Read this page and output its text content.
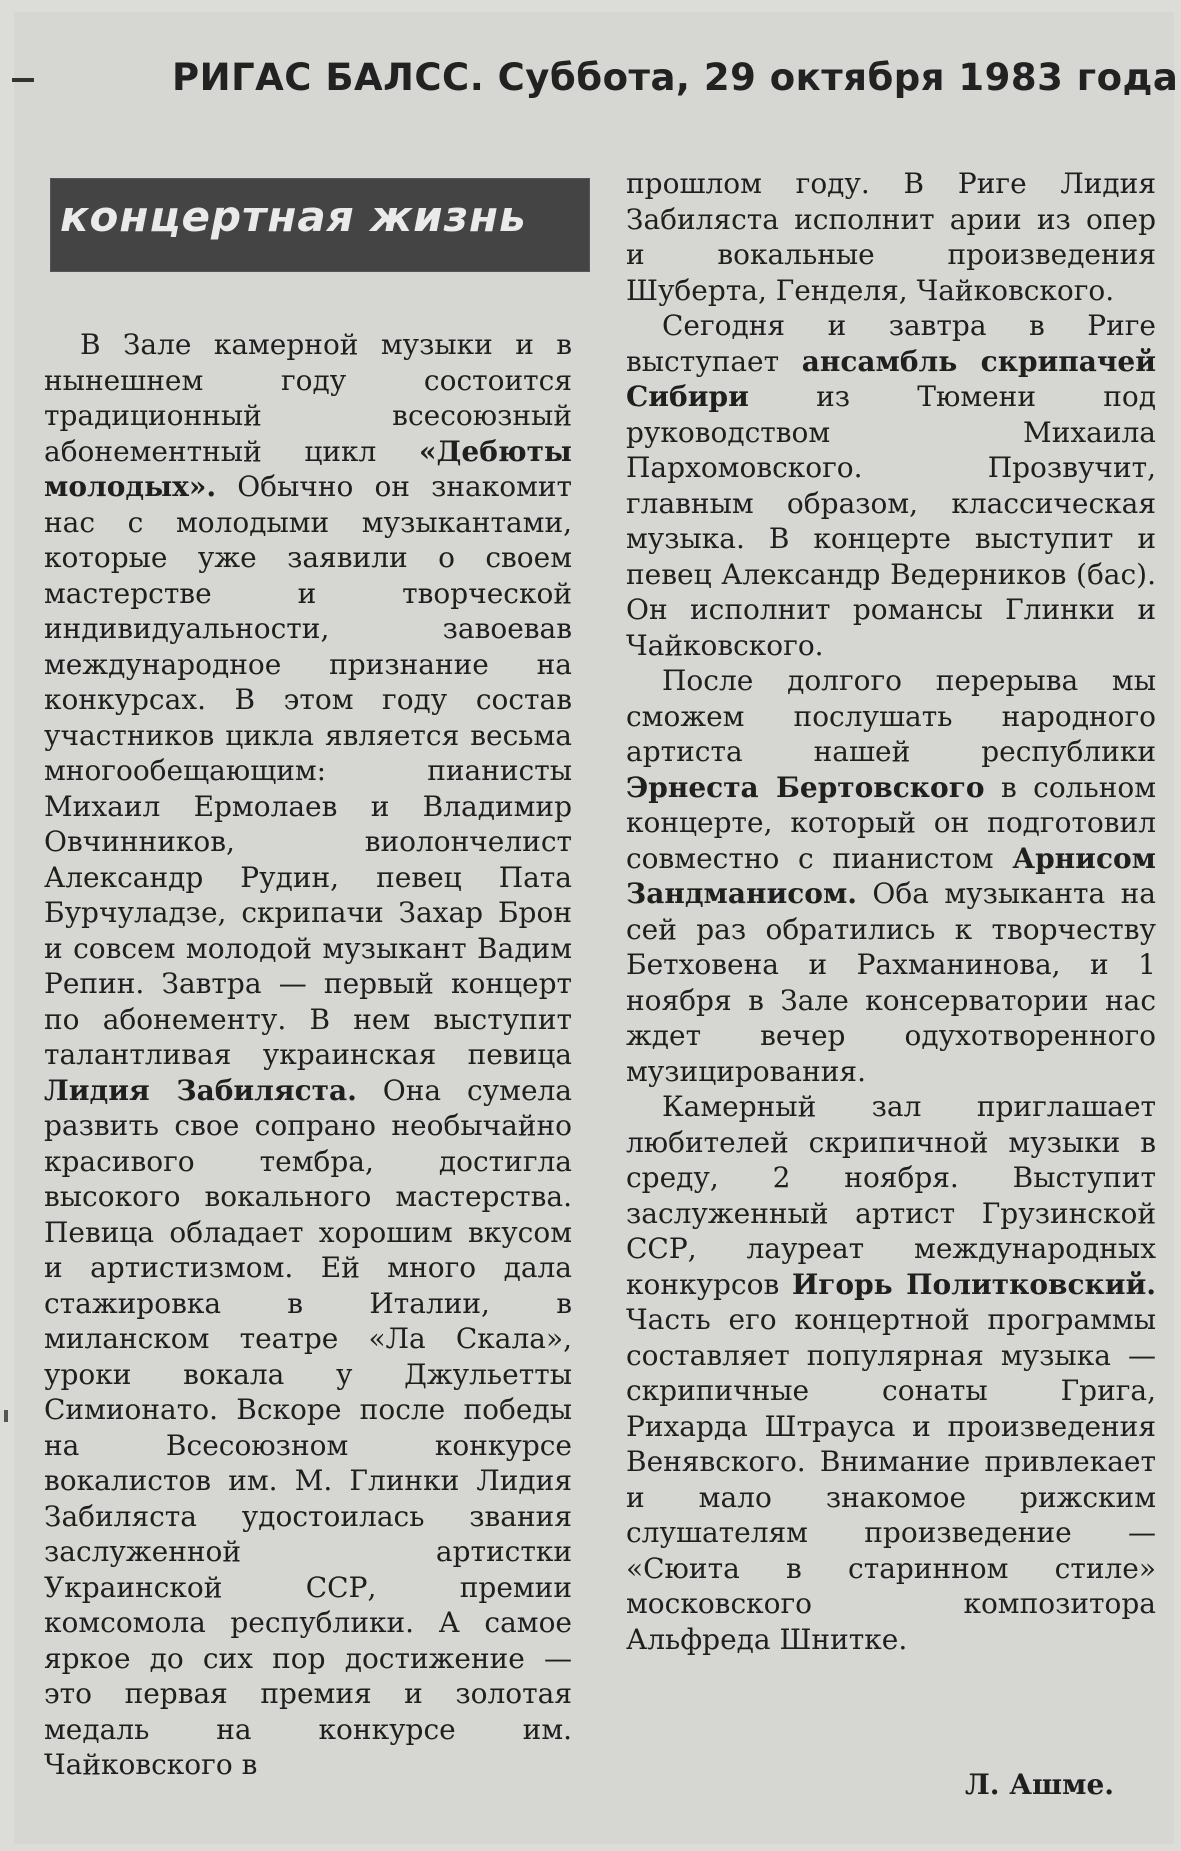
РИГАС БАЛСС. Суббота, 29 октября 1983 года
концертная жизнь

В Зале камерной музыки и в нынешнем году состоится традиционный всесоюзный абонементный цикл «Дебюты молодых». Обычно он знакомит нас с молодыми музыкантами, которые уже заявили о своем мастерстве и творческой индивидуальности, завоевав международное признание на конкурсах. В этом году состав участников цикла является весьма многообещающим: пианисты Михаил Ермолаев и Владимир Овчинников, виолончелист Александр Рудин, певец Пата Бурчуладзе, скрипачи Захар Брон и совсем молодой музыкант Вадим Репин. Завтра — первый концерт по абонементу. В нем выступит талантливая украинская певица Лидия Забиляста. Она сумела развить свое сопрано необычайно красивого тембра, достигла высокого вокального мастерства. Певица обладает хорошим вкусом и артистизмом. Ей много дала стажировка в Италии, в миланском театре «Ла Скала», уроки вокала у Джульетты Симионато. Вскоре после победы на Всесоюзном конкурсе вокалистов им. М. Глинки Лидия Забиляста удостоилась звания заслуженной артистки Украинской ССР, премии комсомола республики. А самое яркое до сих пор достижение — это первая премия и золотая медаль на конкурсе им. Чайковского в

прошлом году. В Риге Лидия Забиляста исполнит арии из опер и вокальные произведения Шуберта, Генделя, Чайковского.

Сегодня и завтра в Риге выступает ансамбль скрипачей Сибири из Тюмени под руководством Михаила Пархомовского. Прозвучит, главным образом, классическая музыка. В концерте выступит и певец Александр Ведерников (бас). Он исполнит романсы Глинки и Чайковского.

После долгого перерыва мы сможем послушать народного артиста нашей республики Эрнеста Бертовского в сольном концерте, который он подготовил совместно с пианистом Арнисом Зандманисом. Оба музыканта на сей раз обратились к творчеству Бетховена и Рахманинова, и 1 ноября в Зале консерватории нас ждет вечер одухотворенного музицирования.

Камерный зал приглашает любителей скрипичной музыки в среду, 2 ноября. Выступит заслуженный артист Грузинской ССР, лауреат международных конкурсов Игорь Политковский. Часть его концертной программы составляет популярная музыка — скрипичные сонаты Грига, Рихарда Штрауса и произведения Венявского. Внимание привлекает и мало знакомое рижским слушателям произведение — «Сюита в старинном стиле» московского композитора Альфреда Шнитке.

Л. Ашме.
